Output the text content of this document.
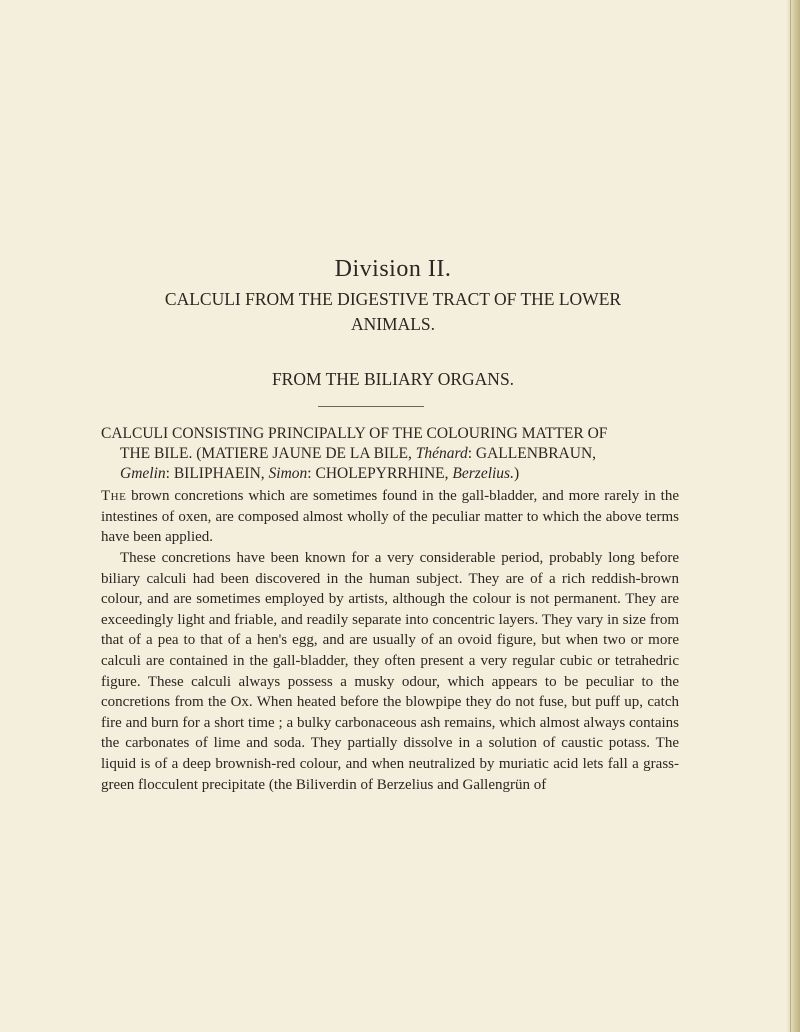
Division II.
CALCULI FROM THE DIGESTIVE TRACT OF THE LOWER
ANIMALS.
FROM THE BILIARY ORGANS.
CALCULI CONSISTING PRINCIPALLY OF THE COLOURING MATTER OF

THE BILE. (MATIERE JAUNE DE LA BILE, Thénard: GALLENBRAUN,
Gmelin: BILIPHAEIN, Simon: CHOLEPYRRHINE, Berzelius.)
The brown concretions which are sometimes found in the gall-bladder, and more rarely in the intestines of oxen, are composed almost wholly of the peculiar matter to which the above terms have been applied.
These concretions have been known for a very considerable period, probably long before biliary calculi had been discovered in the human subject. They are of a rich reddish-brown colour, and are sometimes employed by artists, although the colour is not permanent. They are exceedingly light and friable, and readily separate into concentric layers. They vary in size from that of a pea to that of a hen's egg, and are usually of an ovoid figure, but when two or more calculi are contained in the gall-bladder, they often present a very regular cubic or tetrahedric figure. These calculi always possess a musky odour, which appears to be peculiar to the concretions from the Ox. When heated before the blowpipe they do not fuse, but puff up, catch fire and burn for a short time ; a bulky carbonaceous ash remains, which almost always contains the carbonates of lime and soda. They partially dissolve in a solution of caustic potass. The liquid is of a deep brownish-red colour, and when neutralized by muriatic acid lets fall a grass-green flocculent precipitate (the Biliverdin of Berzelius and Gallengrün of
